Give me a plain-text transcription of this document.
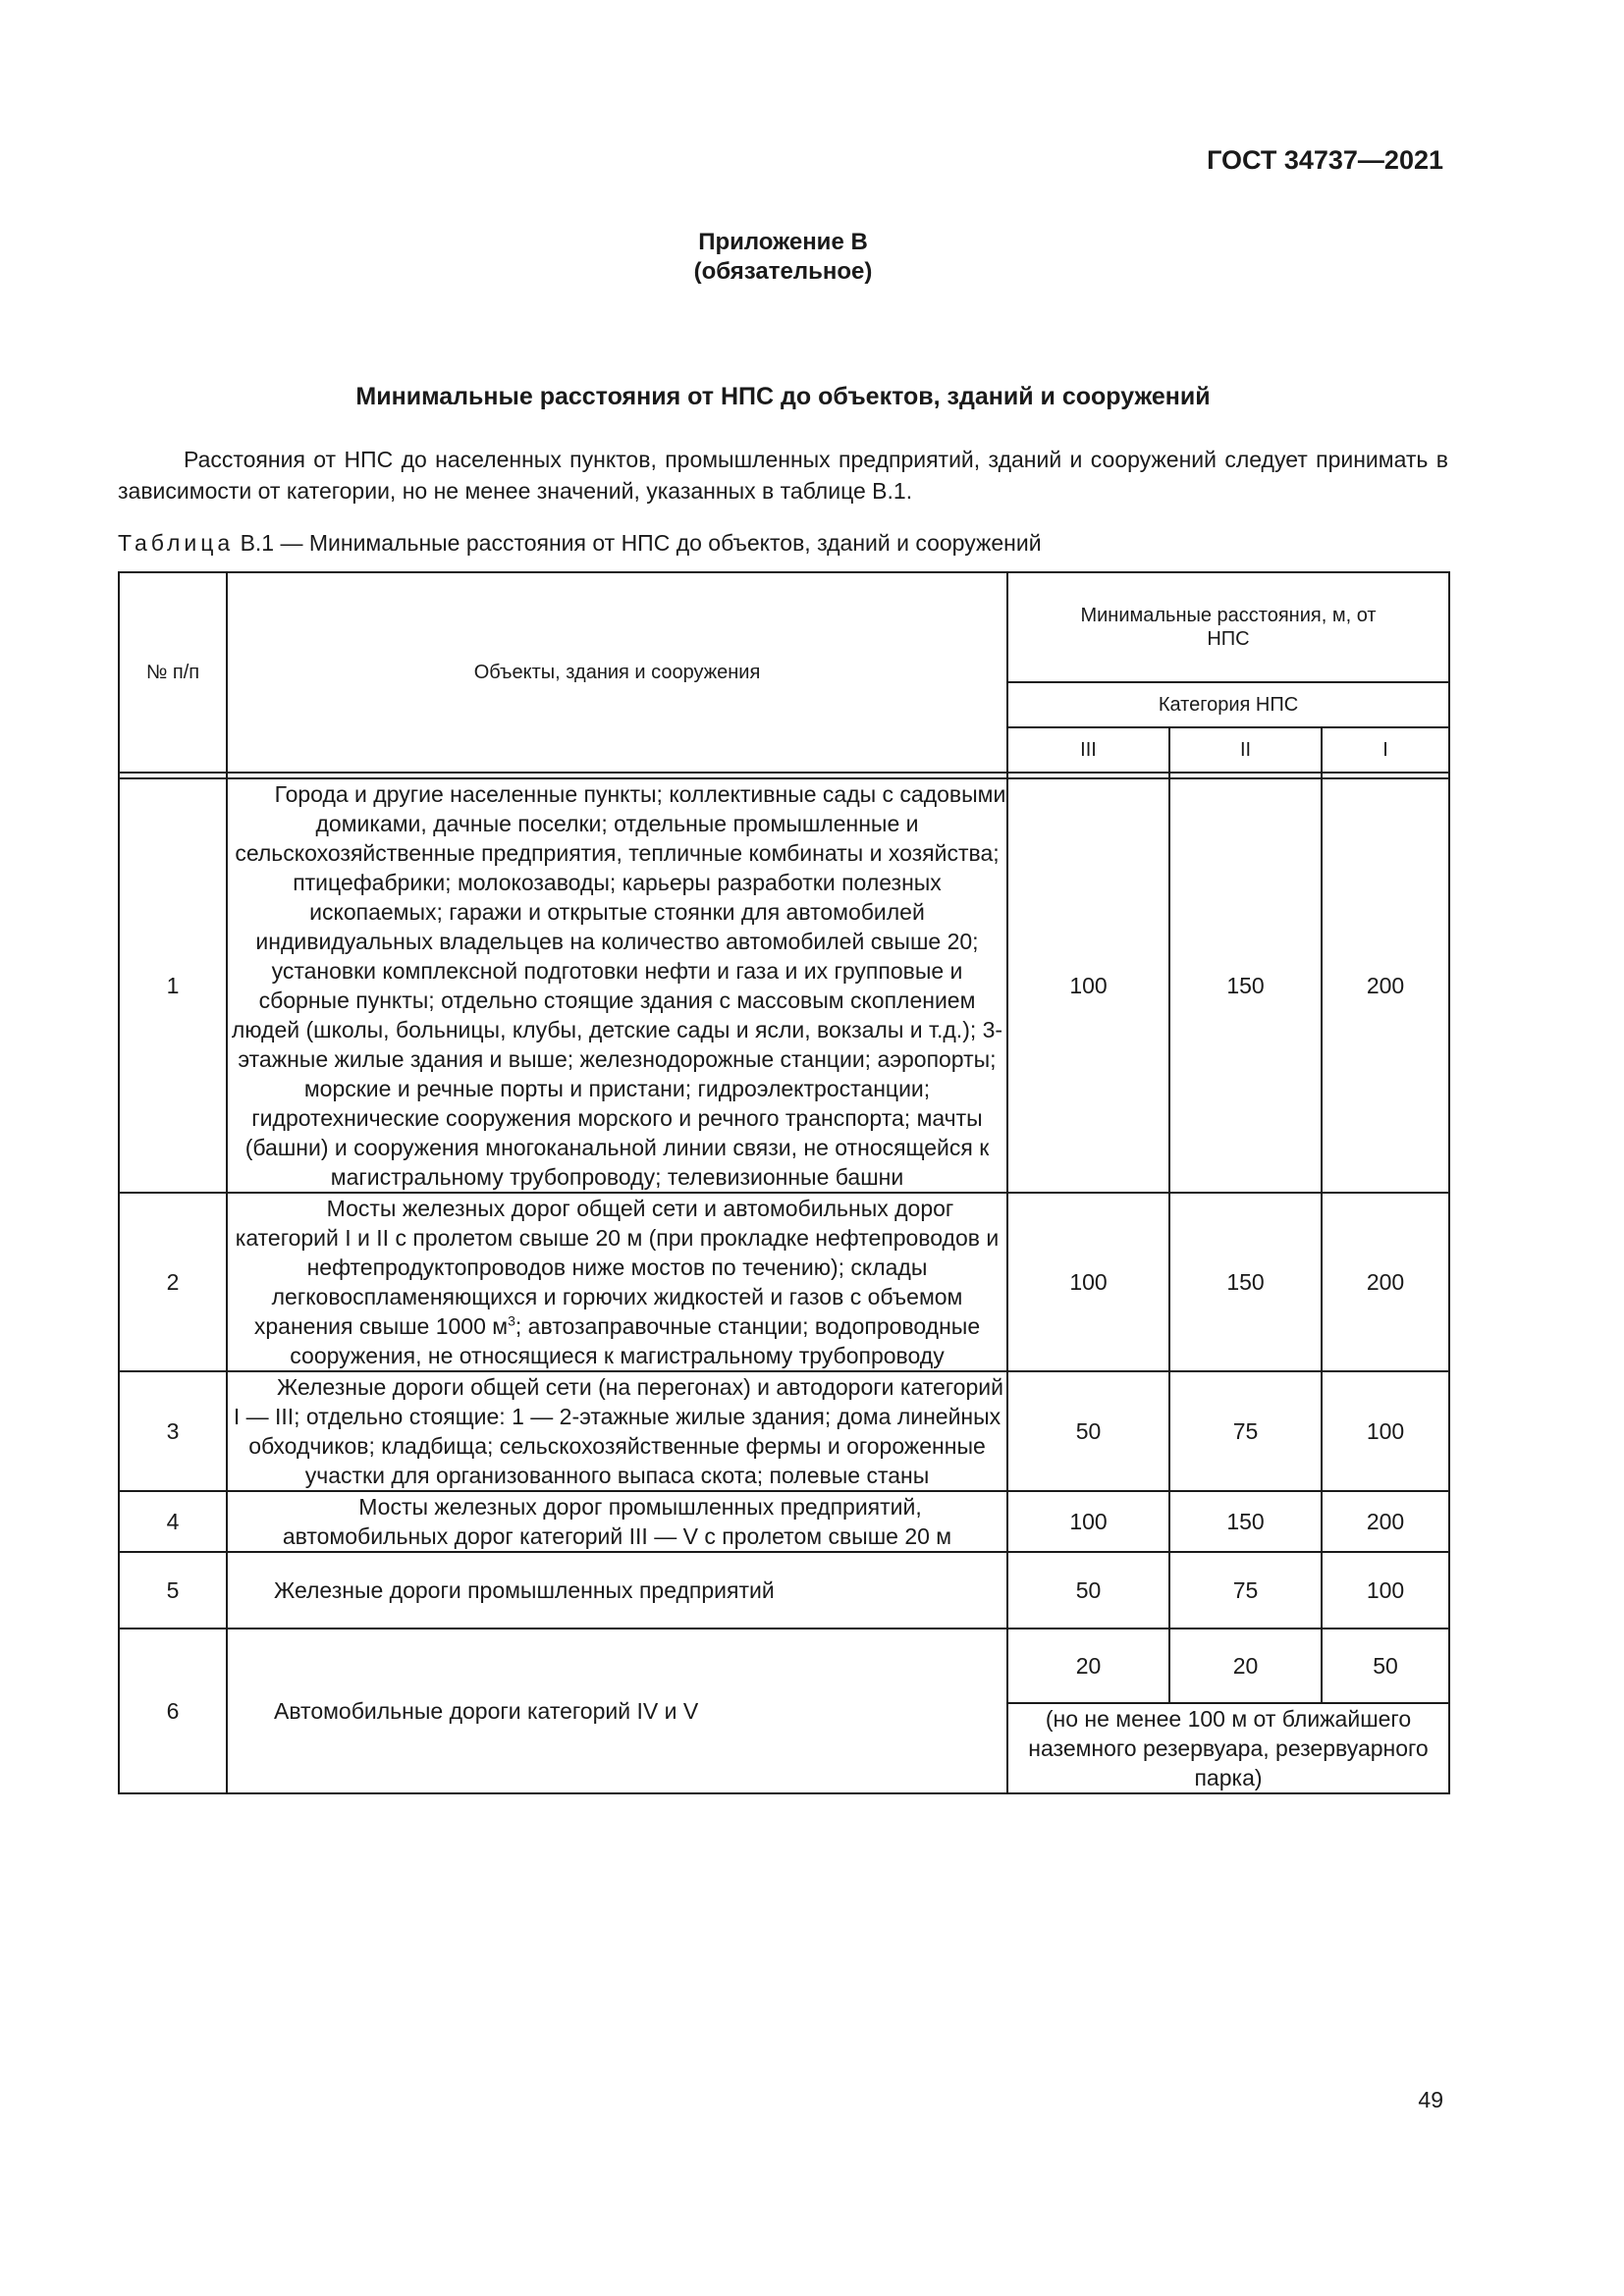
ГОСТ 34737—2021
Приложение В
(обязательное)
Минимальные расстояния от НПС до объектов, зданий и сооружений
Расстояния от НПС до населенных пунктов, промышленных предприятий, зданий и сооружений следует принимать в зависимости от категории, но не менее значений, указанных в таблице В.1.
Таблица В.1 — Минимальные расстояния от НПС до объектов, зданий и сооружений
№ п/п	Объекты, здания и сооружения	Минимальные расстояния, м, от НПС		
		Категория НПС		
		III	II	I

1	Города и другие населенные пункты; коллективные сады с садовыми домиками, дачные поселки; отдельные промышленные и сельскохозяйственные предприятия, тепличные комбинаты и хозяйства; птицефабрики; молокозаводы; карьеры разработки полезных ископаемых; гаражи и открытые стоянки для автомобилей индивидуальных владельцев на количество автомобилей свыше 20; установки комплексной подготовки нефти и газа и их групповые и сборные пункты; отдельно стоящие здания с массовым скоплением людей (школы, больницы, клубы, детские сады и ясли, вокзалы и т.д.); 3-этажные жилые здания и выше; железнодорожные станции; аэропорты; морские и речные порты и пристани; гидроэлектростанции; гидротехнические сооружения морского и речного транспорта; мачты (башни) и сооружения многоканальной линии связи, не относящейся к магистральному трубопроводу; телевизионные башни	100	150	200
2	Мосты железных дорог общей сети и автомобильных дорог категорий I и II с пролетом свыше 20 м (при прокладке нефтепроводов и нефтепродуктопроводов ниже мостов по течению); склады легковоспламеняющихся и горючих жидкостей и газов с объемом хранения свыше 1000 $м^3$; автозаправочные станции; водопроводные сооружения, не относящиеся к магистральному трубопроводу	100	150	200
3	Железные дороги общей сети (на перегонах) и автодороги категорий I — III; отдельно стоящие: 1 — 2-этажные жилые здания; дома линейных обходчиков; кладбища; сельскохозяйственные фермы и огороженные участки для организованного выпаса скота; полевые станы	50	75	100
4	Мосты железных дорог промышленных предприятий, автомобильных дорог категорий III — V с пролетом свыше 20 м	100	150	200
5	Железные дороги промышленных предприятий	50	75	100
6	Автомобильные дороги категорий IV и V	20	20	50
		(но не менее 100 м от ближайшего наземного резервуара, резервуарного парка)		
49
